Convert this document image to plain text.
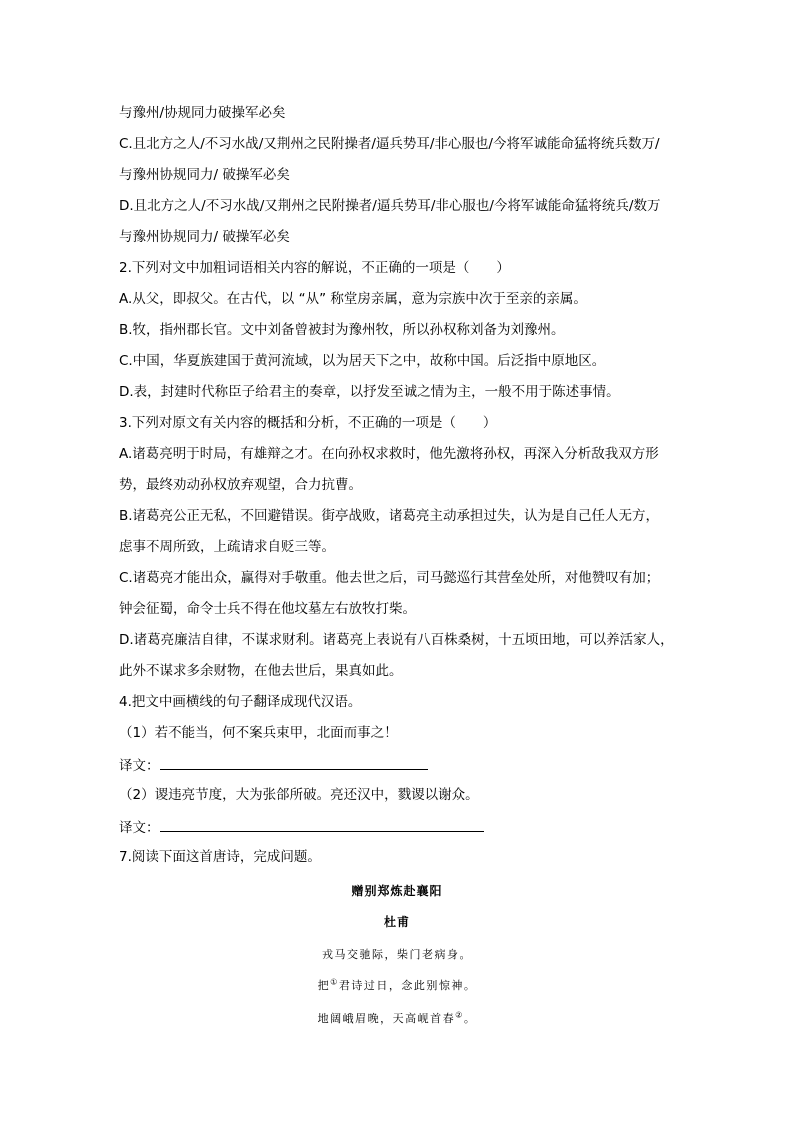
与豫州/协规同力破操军必矣
C.且北方之人/不习水战/又荆州之民附操者/逼兵势耳/非心服也/今将军诚能命猛将统兵数万/
与豫州协规同力/ 破操军必矣
D.且北方之人/不习水战/又荆州之民附操者/逼兵势耳/非心服也/今将军诚能命猛将统兵/数万
与豫州协规同力/ 破操军必矣
2.下列对文中加粗词语相关内容的解说，不正确的一项是（　　）
A.从父，即叔父。在古代，以 “从” 称堂房亲属，意为宗族中次于至亲的亲属。
B.牧，指州郡长官。文中刘备曾被封为豫州牧，所以孙权称刘备为刘豫州。
C.中国，华夏族建国于黄河流域，以为居天下之中，故称中国。后泛指中原地区。
D.表，封建时代称臣子给君主的奏章，以抒发至诚之情为主，一般不用于陈述事情。
3.下列对原文有关内容的概括和分析，不正确的一项是（　　）
A.诸葛亮明于时局，有雄辩之才。在向孙权求救时，他先激将孙权，再深入分析敌我双方形
势，最终劝动孙权放弃观望，合力抗曹。
B.诸葛亮公正无私，不回避错误。街亭战败，诸葛亮主动承担过失，认为是自己任人无方，
虑事不周所致，上疏请求自贬三等。
C.诸葛亮才能出众，赢得对手敬重。他去世之后，司马懿巡行其营垒处所，对他赞叹有加；
钟会征蜀，命令士兵不得在他坟墓左右放牧打柴。
D.诸葛亮廉洁自律，不谋求财利。诸葛亮上表说有八百株桑树，十五顷田地，可以养活家人，
此外不谋求多余财物，在他去世后，果真如此。
4.把文中画横线的句子翻译成现代汉语。
（1）若不能当，何不案兵束甲，北面而事之！
译文：
（2）谡违亮节度，大为张郃所破。亮还汉中，戮谡以谢众。
译文：
7.阅读下面这首唐诗，完成问题。
赠别郑炼赴襄阳
杜甫
戎马交驰际，柴门老病身。
把①君诗过日，念此别惊神。
地阔峨眉晚，天高岘首春②。
